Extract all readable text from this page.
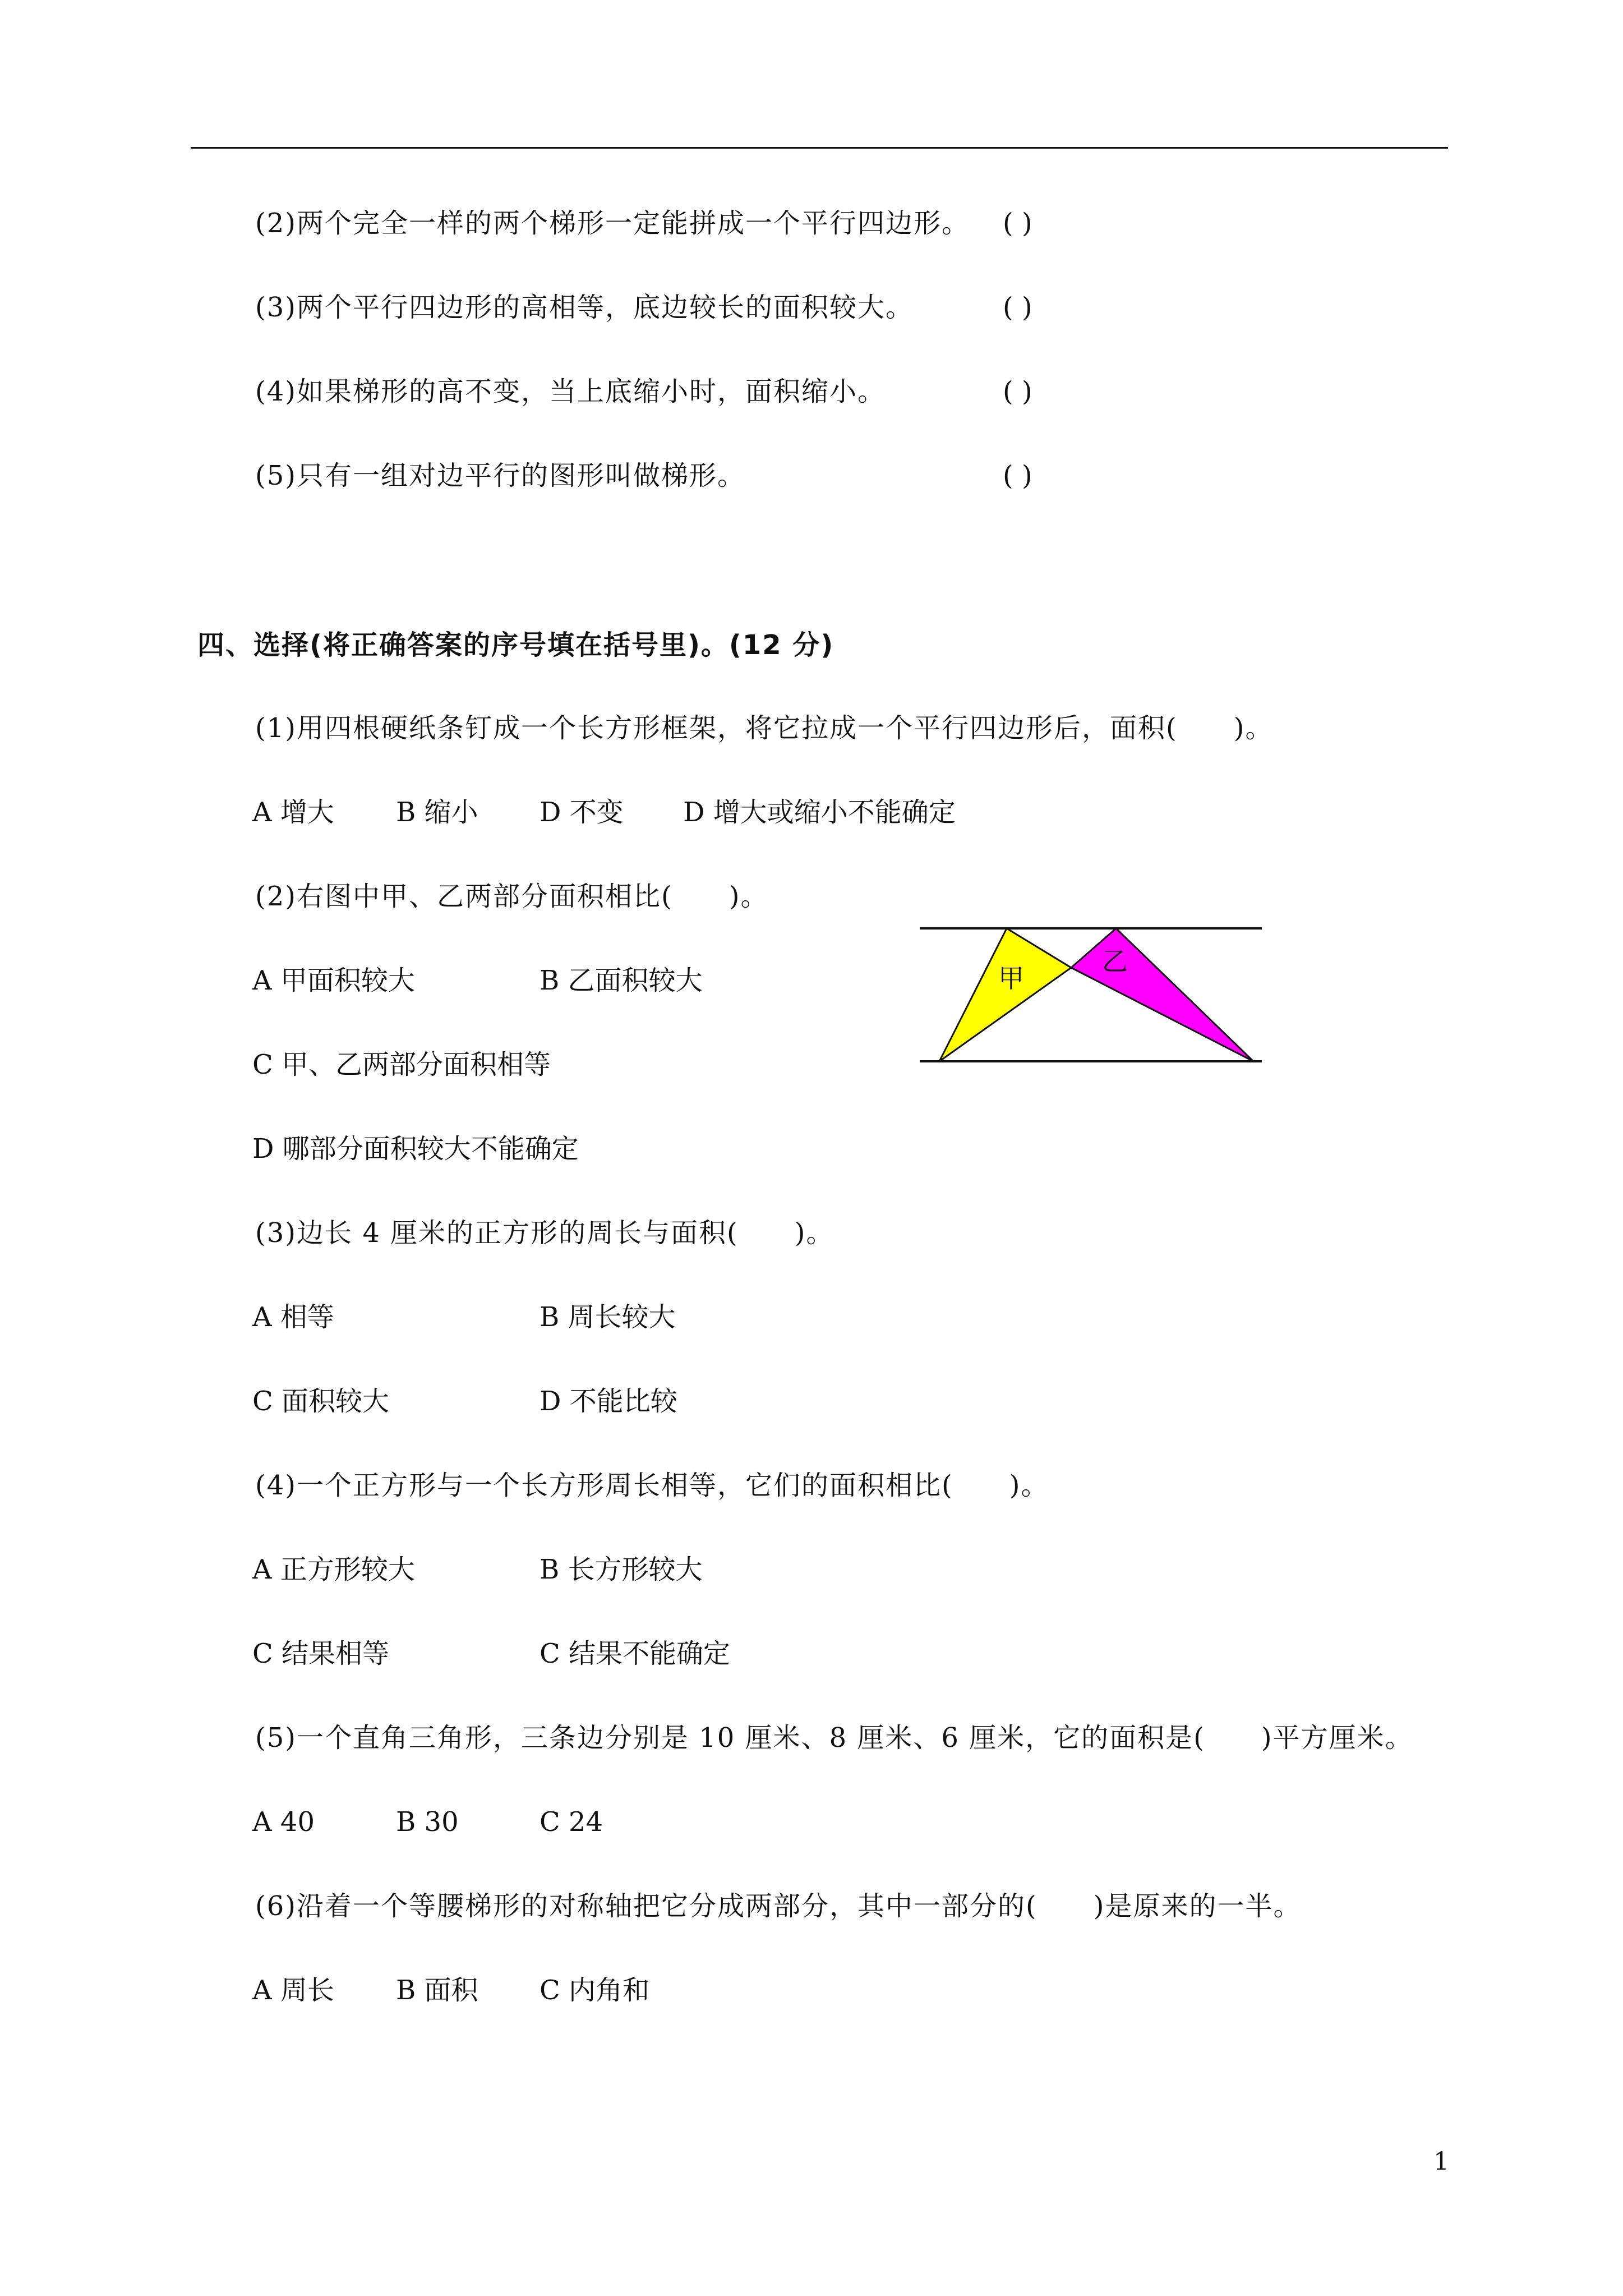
(2)两个完全一样的两个梯形一定能拼成一个平行四边形。 ( )
(3)两个平行四边形的高相等，底边较长的面积较大。	( )
(4)如果梯形的高不变，当上底缩小时，面积缩小。	( )
(5)只有一组对边平行的图形叫做梯形。	( )
四、选择(将正确答案的序号填在括号里)。(12 分)
(1)用四根硬纸条钉成一个长方形框架，将它拉成一个平行四边形后，面积(　　)。
A 增大 B 缩小 D 不变 D 增大或缩小不能确定
(2)右图中甲、乙两部分面积相比(　　)。
A 甲面积较大	B 乙面积较大
C 甲、乙两部分面积相等
D 哪部分面积较大不能确定
甲
乙
(3)边长 4 厘米的正方形的周长与面积(　　)。
A 相等	B 周长较大
C 面积较大	D 不能比较
(4)一个正方形与一个长方形周长相等，它们的面积相比(　　)。
A 正方形较大	B 长方形较大
C 结果相等	C 结果不能确定
(5)一个直角三角形，三条边分别是 10 厘米、8 厘米、6 厘米，它的面积是(　　)平方厘米。
A 40	B 30	C 24
(6)沿着一个等腰梯形的对称轴把它分成两部分，其中一部分的(　　)是原来的一半。
A 周长 B 面积 C 内角和
1
